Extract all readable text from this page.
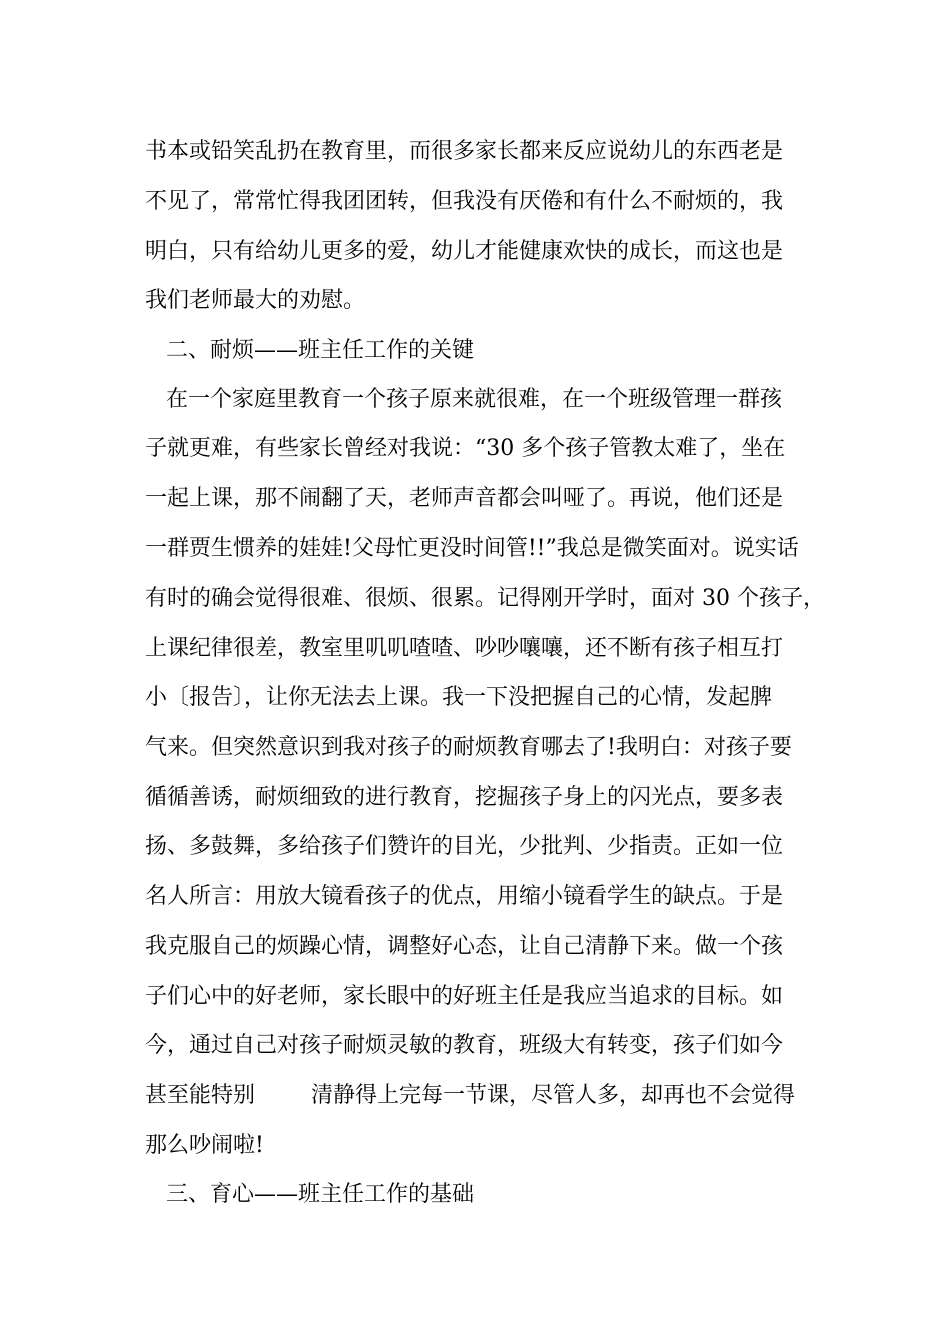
书本或铅笑乱扔在教育里，而很多家长都来反应说幼儿的东西老是
不见了，常常忙得我团团转，但我没有厌倦和有什么不耐烦的，我
明白，只有给幼儿更多的爱，幼儿才能健康欢快的成长，而这也是
我们老师最大的劝慰。
二、耐烦——班主任工作的关键
在一个家庭里教育一个孩子原来就很难，在一个班级管理一群孩
子就更难，有些家长曾经对我说：“30 多个孩子管教太难了，坐在
一起上课，那不闹翻了天，老师声音都会叫哑了。再说，他们还是
一群贾生惯养的娃娃!父母忙更没时间管!!”我总是微笑面对。说实话
有时的确会觉得很难、很烦、很累。记得刚开学时，面对 30 个孩子，
上课纪律很差，教室里叽叽喳喳、吵吵嚷嚷，还不断有孩子相互打
小〔报告〕，让你无法去上课。我一下没把握自己的心情，发起脾
气来。但突然意识到我对孩子的耐烦教育哪去了!我明白：对孩子要
循循善诱，耐烦细致的进行教育，挖掘孩子身上的闪光点，要多表
扬、多鼓舞，多给孩子们赞许的目光，少批判、少指责。正如一位
名人所言：用放大镜看孩子的优点，用缩小镜看学生的缺点。于是
我克服自己的烦躁心情，调整好心态，让自己清静下来。做一个孩
子们心中的好老师，家长眼中的好班主任是我应当追求的目标。如
今，通过自己对孩子耐烦灵敏的教育，班级大有转变，孩子们如今
甚至能特别	清静得上完每一节课，尽管人多，却再也不会觉得
那么吵闹啦!
三、育心——班主任工作的基础
